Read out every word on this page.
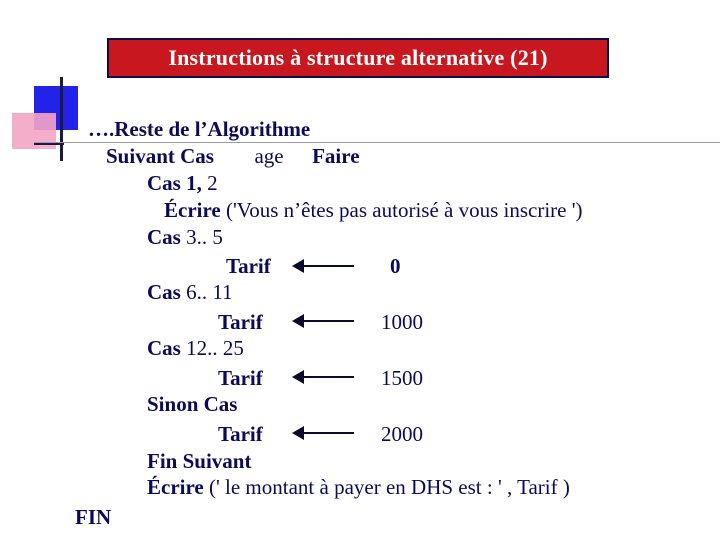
Instructions à structure alternative (21)
….Reste de l’Algorithme
Suivant Cas age Faire
Cas 1, 2
Écrire ('Vous n’êtes pas autorisé à vous inscrire ')
Cas 3.. 5
Tarif	0
Cas 6.. 11
Tarif	1000
Cas 12.. 25
Tarif	1500
Sinon Cas
Tarif	2000
Fin Suivant
Écrire (' le montant à payer en DHS est : ' , Tarif )
FIN
